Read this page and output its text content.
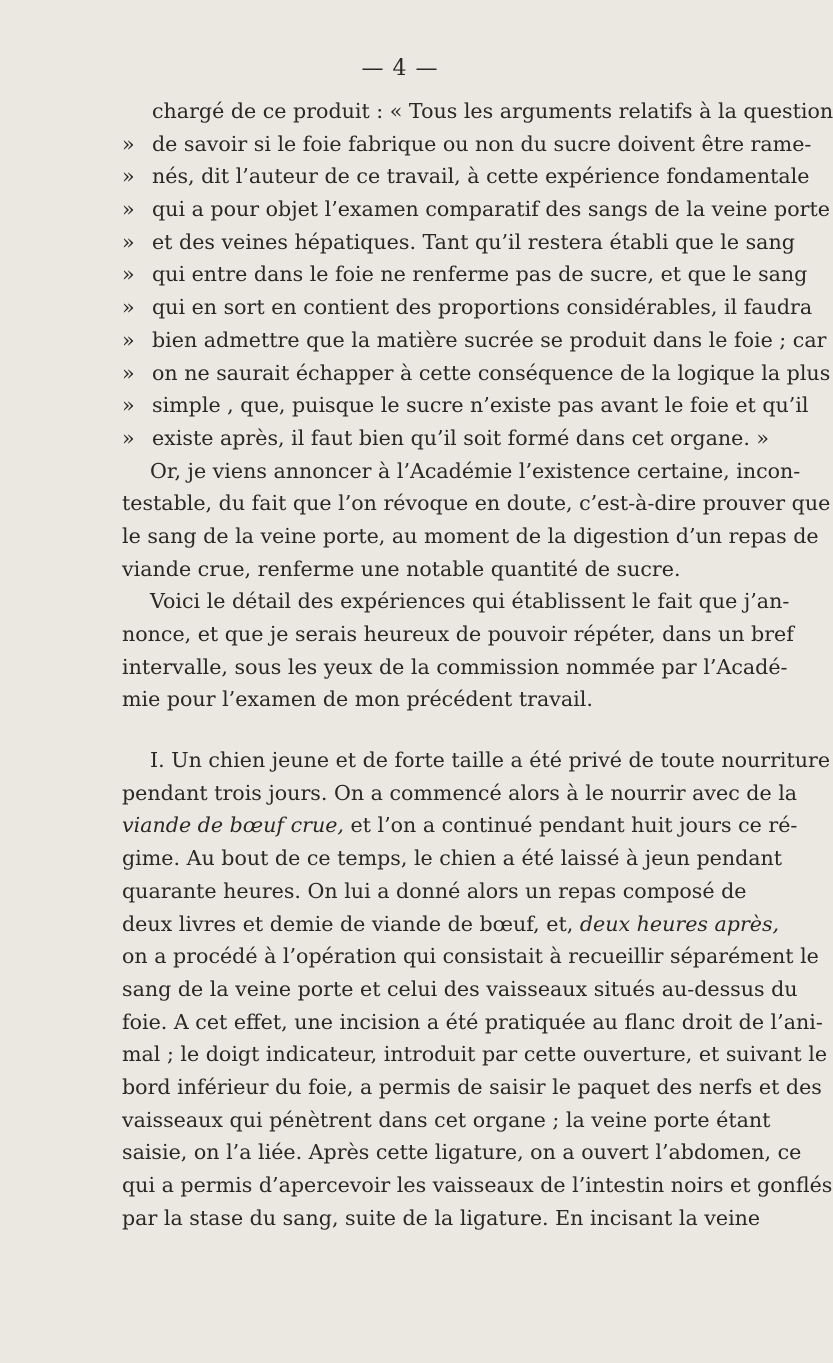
— 4 —
chargé de ce produit : « Tous les arguments relatifs à la question
» de savoir si le foie fabrique ou non du sucre doivent être rame-
» nés, dit l’auteur de ce travail, à cette expérience fondamentale
» qui a pour objet l’examen comparatif des sangs de la veine porte
» et des veines hépatiques. Tant qu’il restera établi que le sang
» qui entre dans le foie ne renferme pas de sucre, et que le sang
» qui en sort en contient des proportions considérables, il faudra
» bien admettre que la matière sucrée se produit dans le foie ; car
» on ne saurait échapper à cette conséquence de la logique la plus
» simple , que, puisque le sucre n’existe pas avant le foie et qu’il
» existe après, il faut bien qu’il soit formé dans cet organe. »
Or, je viens annoncer à l’Académie l’existence certaine, incon-
testable, du fait que l’on révoque en doute, c’est-à-dire prouver que
le sang de la veine porte, au moment de la digestion d’un repas de
viande crue, renferme une notable quantité de sucre.
Voici le détail des expériences qui établissent le fait que j’an-
nonce, et que je serais heureux de pouvoir répéter, dans un bref
intervalle, sous les yeux de la commission nommée par l’Acadé-
mie pour l’examen de mon précédent travail.
I. Un chien jeune et de forte taille a été privé de toute nourriture
pendant trois jours. On a commencé alors à le nourrir avec de la
viande de bœuf crue, et l’on a continué pendant huit jours ce ré-
gime. Au bout de ce temps, le chien a été laissé à jeun pendant
quarante heures. On lui a donné alors un repas composé de
deux livres et demie de viande de bœuf, et, deux heures après,
on a procédé à l’opération qui consistait à recueillir séparément le
sang de la veine porte et celui des vaisseaux situés au-dessus du
foie. A cet effet, une incision a été pratiquée au flanc droit de l’ani-
mal ; le doigt indicateur, introduit par cette ouverture, et suivant le
bord inférieur du foie, a permis de saisir le paquet des nerfs et des
vaisseaux qui pénètrent dans cet organe ; la veine porte étant
saisie, on l’a liée. Après cette ligature, on a ouvert l’abdomen, ce
qui a permis d’apercevoir les vaisseaux de l’intestin noirs et gonflés
par la stase du sang, suite de la ligature. En incisant la veine
